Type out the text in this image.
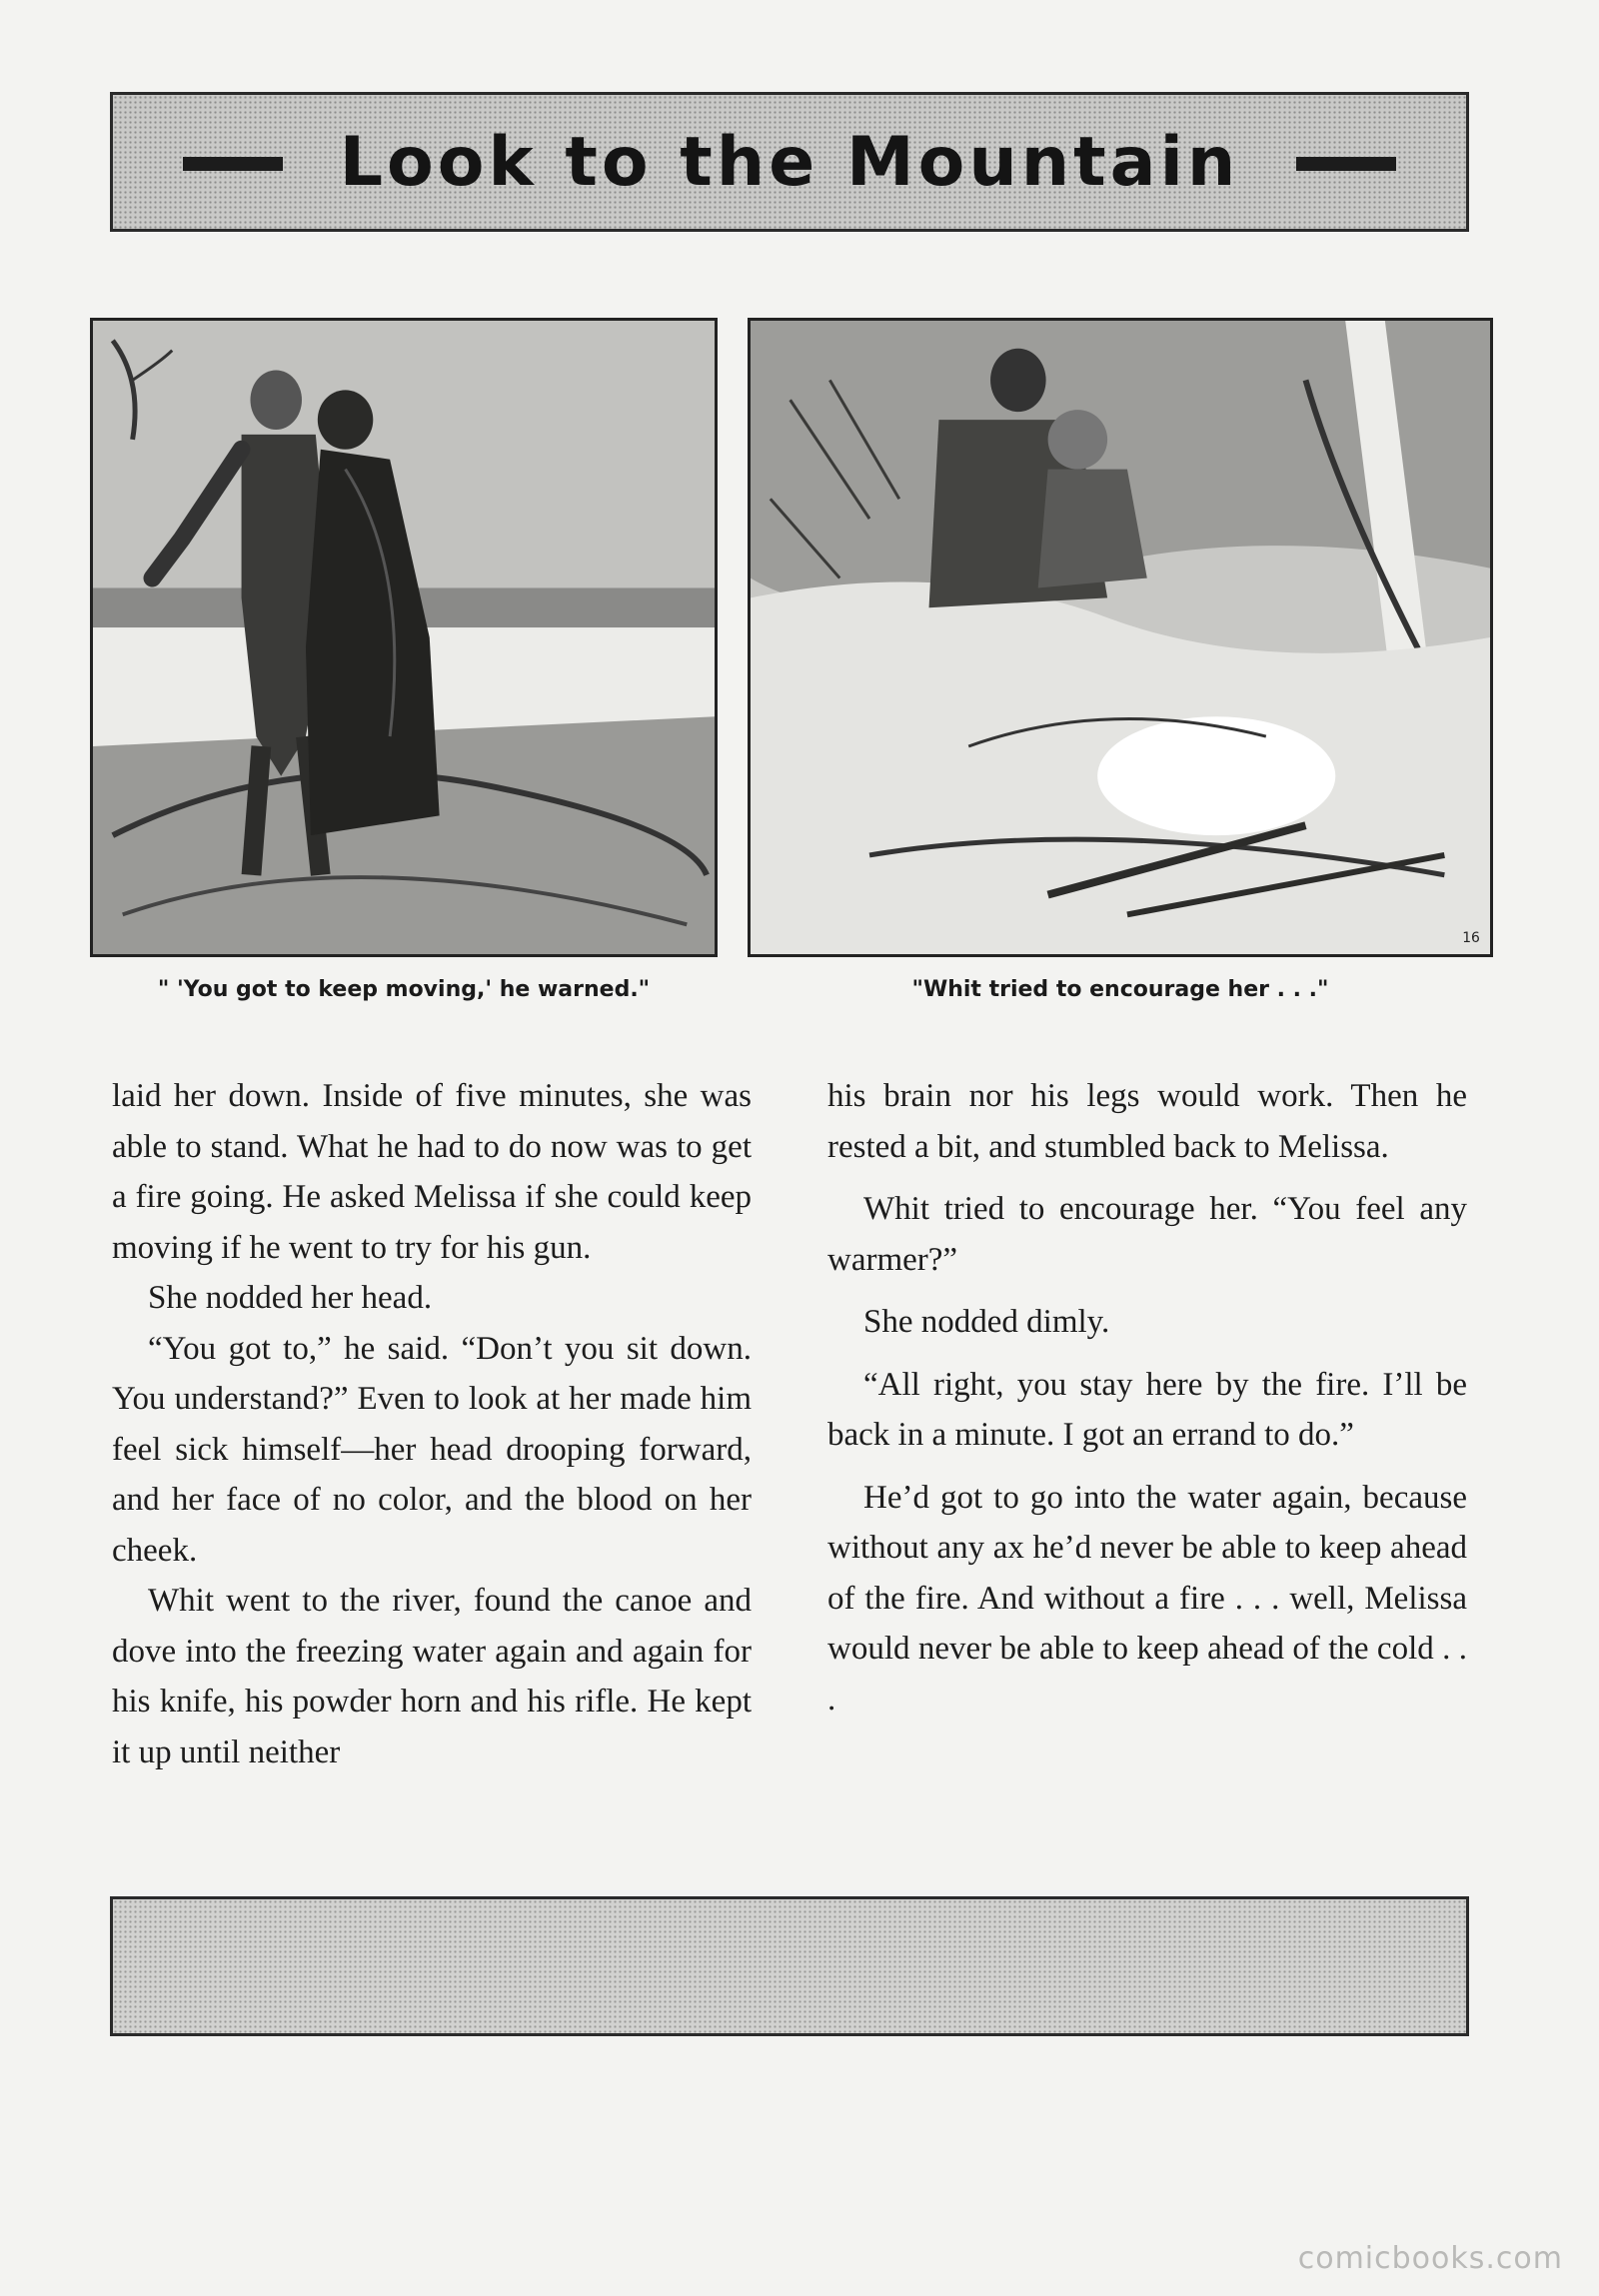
Look to the Mountain
" 'You got to keep moving,' he warned."
16
"Whit tried to encourage her . . ."

laid her down. Inside of five minutes, she was able to stand. What he had to do now was to get a fire going. He asked Melissa if she could keep moving if he went to try for his gun.

She nodded her head.

“You got to,” he said. “Don’t you sit down. You understand?” Even to look at her made him feel sick himself—her head drooping forward, and her face of no color, and the blood on her cheek.

Whit went to the river, found the canoe and dove into the freezing water again and again for his knife, his powder horn and his rifle. He kept it up until neither

his brain nor his legs would work. Then he rested a bit, and stumbled back to Melissa.

Whit tried to encourage her. “You feel any warmer?”

She nodded dimly.

“All right, you stay here by the fire. I’ll be back in a minute. I got an errand to do.”

He’d got to go into the water again, because without any ax he’d never be able to keep ahead of the fire. And without a fire . . . well, Melissa would never be able to keep ahead of the cold . . .

comicbooks.com
